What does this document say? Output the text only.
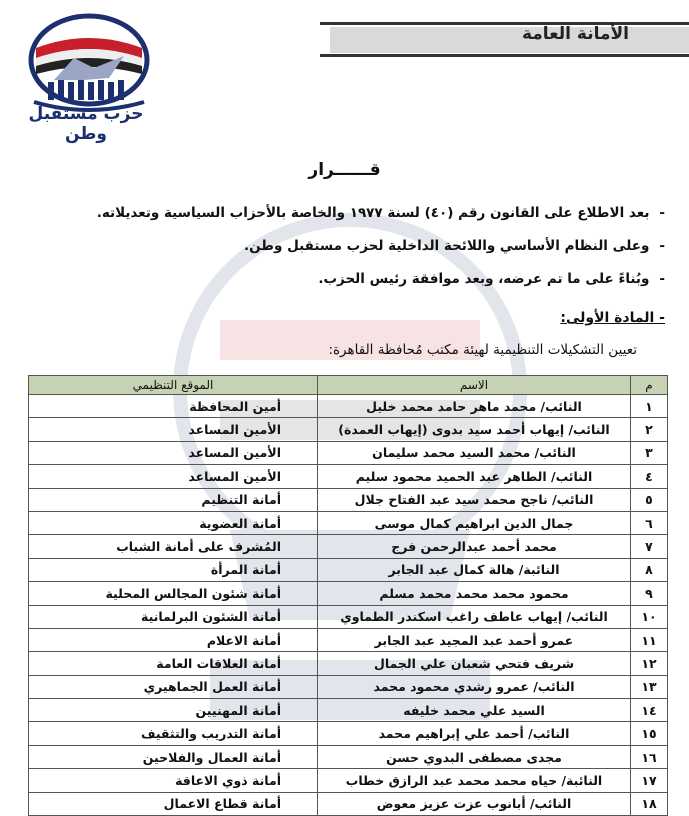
حزب مستقبل وطن
الأمانة العامة
قــــــرار
-بعد الاطلاع على القانون رقم (٤٠) لسنة ١٩٧٧ والخاصة بالأحزاب السياسية وتعديلاته.
-وعلى النظام الأساسي واللائحة الداخلية لحزب مستقبل وطن.
-وبُناءً على ما تم عرضه، وبعد موافقة رئيس الحزب.
- المادة الأولى:
تعيين التشكيلات التنظيمية لهيئة مكتب مُحافظة القاهرة:
م	الاسم	الموقع التنظيمي
١	النائب/ محمد ماهر حامد محمد خليل	أمين المحافظة
٢	النائب/ إيهاب أحمد سيد بدوى (إيهاب العمدة)	الأمين المساعد
٣	النائب/ محمد السيد محمد سليمان	الأمين المساعد
٤	النائب/ الطاهر عبد الحميد محمود سليم	الأمين المساعد
٥	النائب/ ناجح محمد سيد عبد الفتاح جلال	أمانة التنظيم
٦	جمال الدين ابراهيم كمال موسى	أمانة العضوية
٧	محمد أحمد عبدالرحمن فرج	المُشرف على أمانة الشباب
٨	النائبة/ هالة كمال عبد الجابر	أمانة المرأة
٩	محمود محمد محمد محمد مسلم	أمانة شئون المجالس المحلية
١٠	النائب/ إيهاب عاطف راغب اسكندر الطماوي	أمانة الشئون البرلمانية
١١	عمرو أحمد عبد المجيد عبد الجابر	أمانة الاعلام
١٢	شريف فتحي شعبان علي الجمال	أمانة العلاقات العامة
١٣	النائب/ عمرو رشدي محمود محمد	أمانة العمل الجماهيري
١٤	السيد علي محمد خليفه	أمانة المهنيين
١٥	النائب/ أحمد علي إبراهيم محمد	أمانة التدريب والتثقيف
١٦	مجدى مصطفى البدوي حسن	أمانة العمال والفلاحين
١٧	النائبة/ حياه محمد محمد عبد الرازق خطاب	أمانة ذوي الاعاقة
١٨	النائب/ أبانوب عزت عزيز معوض	أمانة قطاع الاعمال
